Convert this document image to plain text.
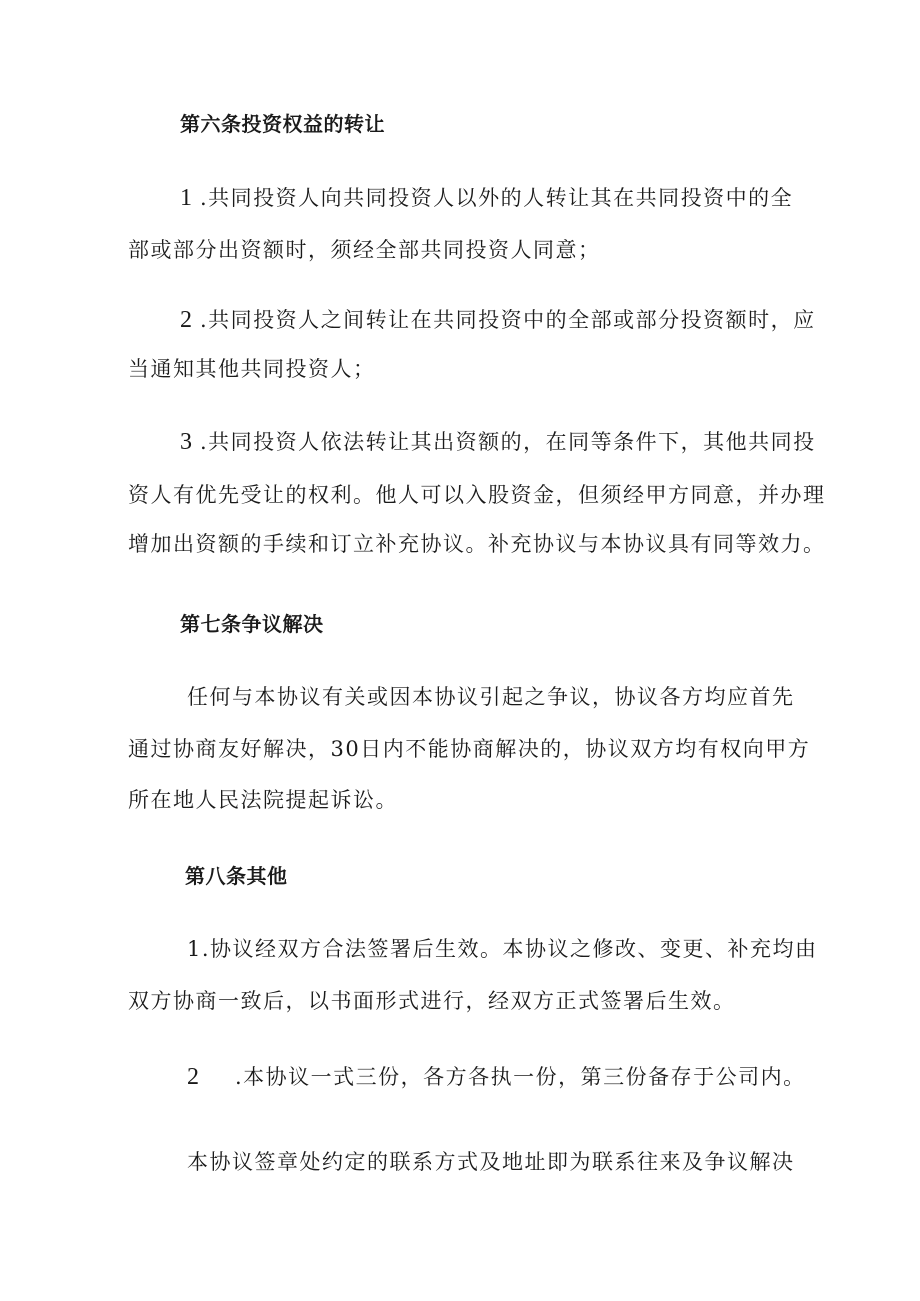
第六条投资权益的转让
1 .共同投资人向共同投资人以外的人转让其在共同投资中的全
部或部分出资额时，须经全部共同投资人同意；
2 .共同投资人之间转让在共同投资中的全部或部分投资额时，应
当通知其他共同投资人；
3 .共同投资人依法转让其出资额的，在同等条件下，其他共同投
资人有优先受让的权利。他人可以入股资金，但须经甲方同意，并办理
增加出资额的手续和订立补充协议。补充协议与本协议具有同等效力。
第七条争议解决
任何与本协议有关或因本协议引起之争议，协议各方均应首先
通过协商友好解决，30日内不能协商解决的，协议双方均有权向甲方
所在地人民法院提起诉讼。
第八条其他
1.协议经双方合法签署后生效。本协议之修改、变更、补充均由
双方协商一致后，以书面形式进行，经双方正式签署后生效。
2 .本协议一式三份，各方各执一份，第三份备存于公司内。
本协议签章处约定的联系方式及地址即为联系往来及争议解决
